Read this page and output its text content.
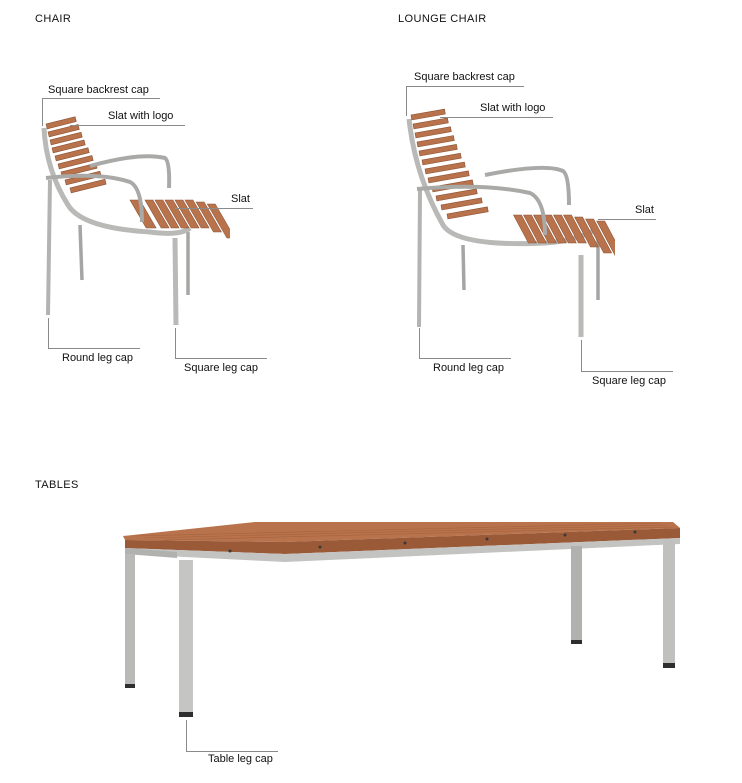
CHAIR
Square backrest cap
Slat with logo
Slat
Round leg cap
Square leg cap
LOUNGE CHAIR
Square backrest cap
Slat with logo
Slat
Round leg cap
Square leg cap
TABLES
Table leg cap
